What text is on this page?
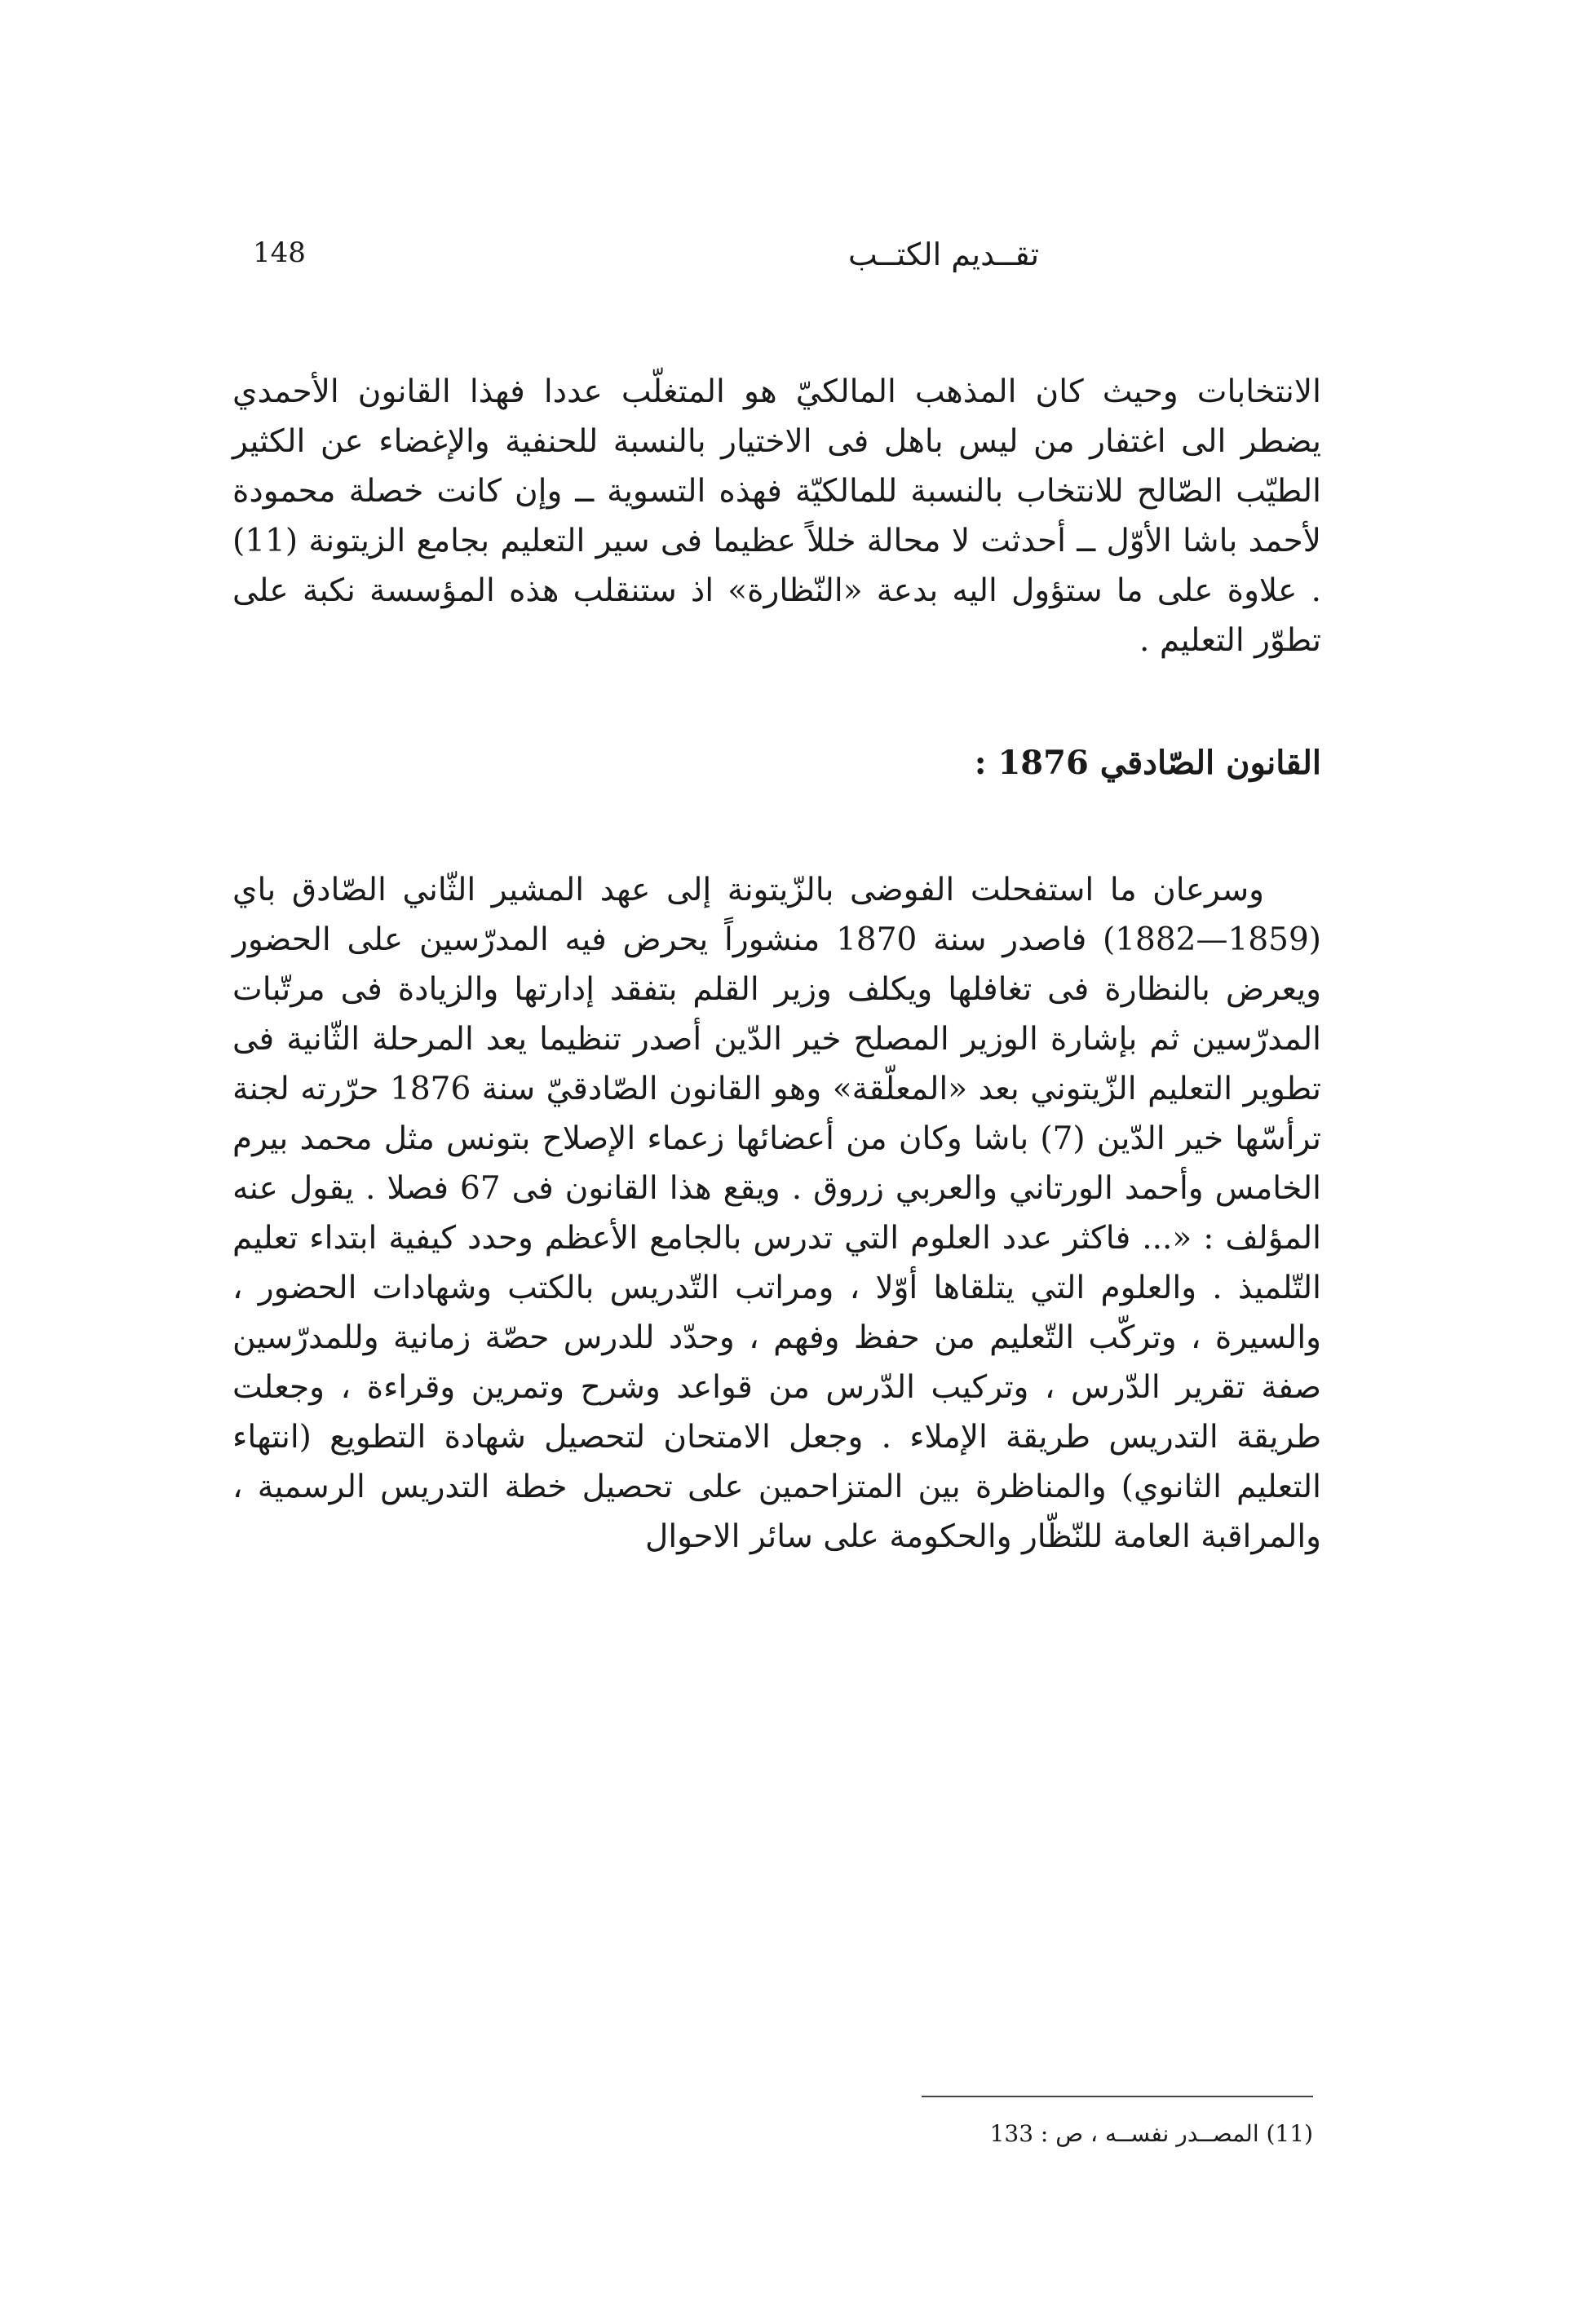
148	تقــديم الكتــب

الانتخابات وحيث كان المذهب المالكيّ هو المتغلّب عددا فهذا القانون الأحمدي يضطر الى اغتفار من ليس باهل فى الاختيار بالنسبة للحنفية والإغضاء عن الكثير الطيّب الصّالح للانتخاب بالنسبة للمالكيّة فهذه التسوية ــ وإن كانت خصلة محمودة لأحمد باشا الأوّل ــ أحدثت لا محالة خللاً عظيما فى سير التعليم بجامع الزيتونة (11) . علاوة على ما ستؤول اليه بدعة «النّظارة» اذ ستنقلب هذه المؤسسة نكبة على تطوّر التعليم .

القانون الصّادقي 1876 :

وسرعان ما استفحلت الفوضى بالزّيتونة إلى عهد المشير الثّاني الصّادق باي (1859—1882) فاصدر سنة 1870 منشوراً يحرض فيه المدرّسين على الحضور ويعرض بالنظارة فى تغافلها ويكلف وزير القلم بتفقد إدارتها والزيادة فى مرتّبات المدرّسين ثم بإشارة الوزير المصلح خير الدّين أصدر تنظيما يعد المرحلة الثّانية فى تطوير التعليم الزّيتوني بعد «المعلّقة» وهو القانون الصّادقيّ سنة 1876 حرّرته لجنة ترأسّها خير الدّين (7) باشا وكان من أعضائها زعماء الإصلاح بتونس مثل محمد بيرم الخامس وأحمد الورتاني والعربي زروق . ويقع هذا القانون فى 67 فصلا . يقول عنه المؤلف : «... فاكثر عدد العلوم التي تدرس بالجامع الأعظم وحدد كيفية ابتداء تعليم التّلميذ . والعلوم التي يتلقاها أوّلا ، ومراتب التّدريس بالكتب وشهادات الحضور ، والسيرة ، وتركّب التّعليم من حفظ وفهم ، وحدّد للدرس حصّة زمانية وللمدرّسين صفة تقرير الدّرس ، وتركيب الدّرس من قواعد وشرح وتمرين وقراءة ، وجعلت طريقة التدريس طريقة الإملاء . وجعل الامتحان لتحصيل شهادة التطويع (انتهاء التعليم الثانوي) والمناظرة بين المتزاحمين على تحصيل خطة التدريس الرسمية ، والمراقبة العامة للنّظّار والحكومة على سائر الاحوال

(11) المصــدر نفســه ، ص : 133
